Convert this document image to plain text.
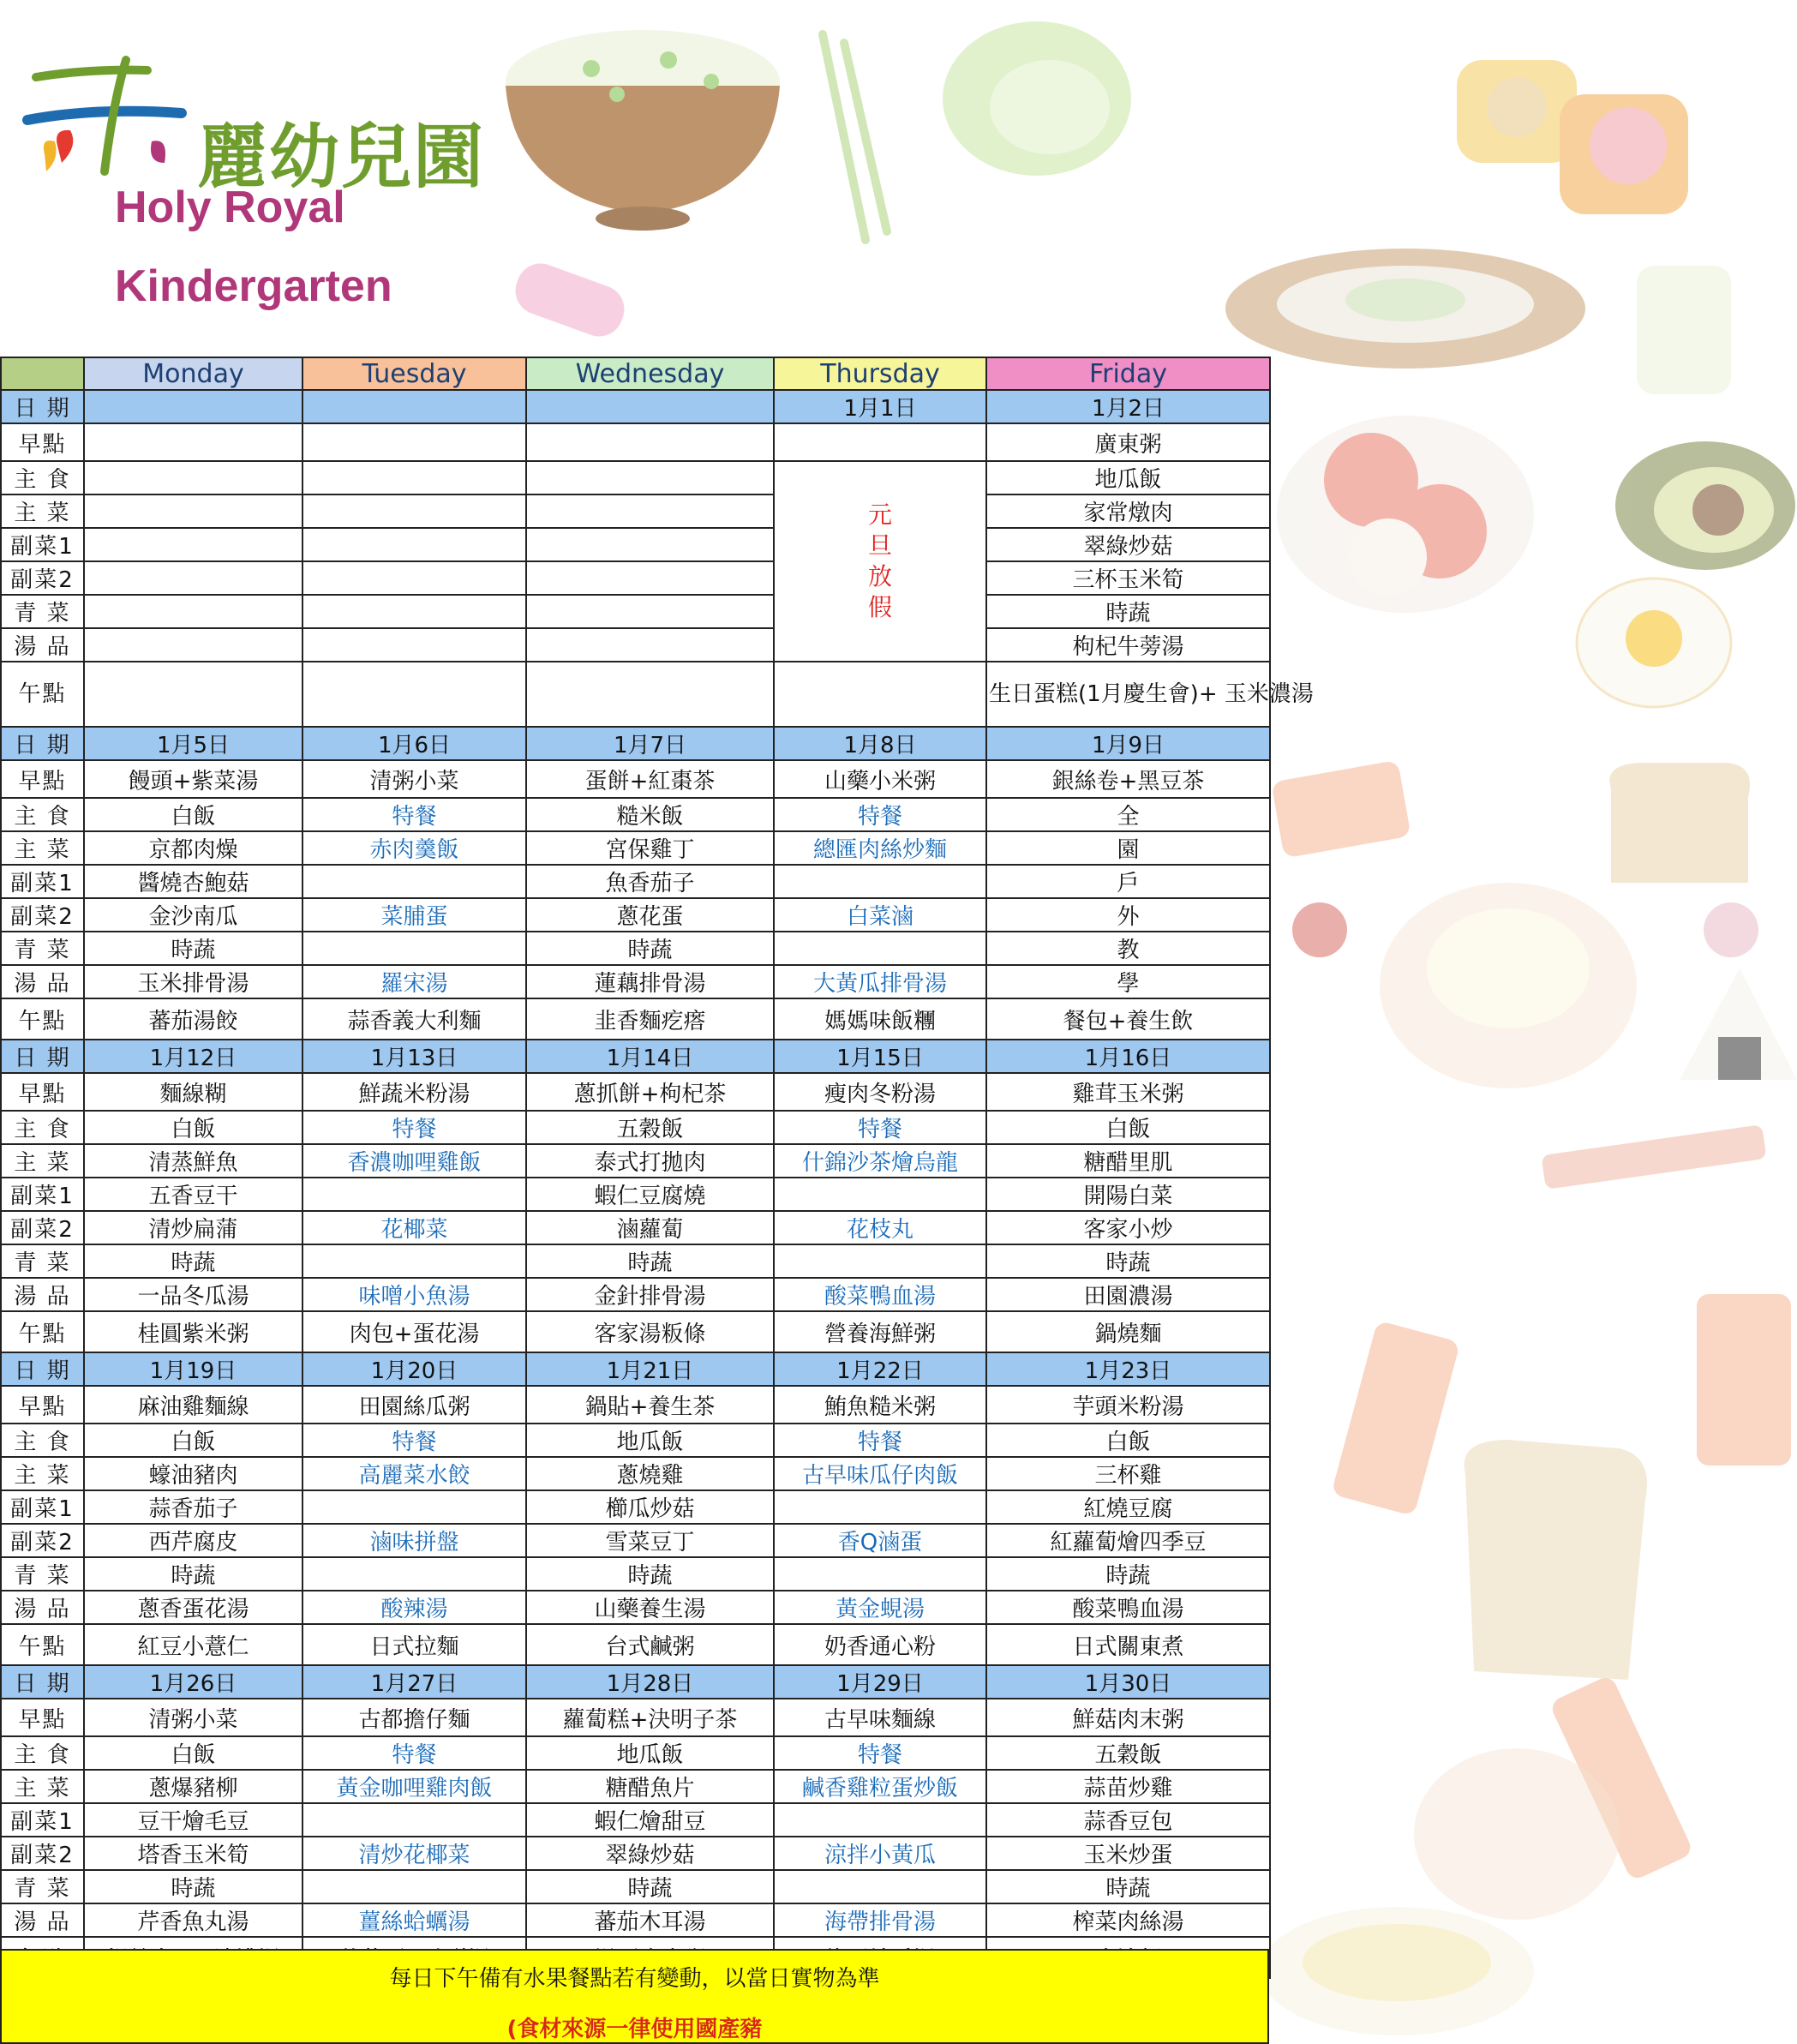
麗幼兒園
Holy Royal
Kindergarten
	Monday	Tuesday	Wednesday	Thursday	Friday
日 期				1月1日	1月2日
早點					廣東粥
主 食				元旦放假	地瓜飯
主 菜					家常燉肉
副菜1					翠綠炒菇
副菜2					三杯玉米筍
青 菜					時蔬
湯 品					枸杞牛蒡湯
午點					生日蛋糕(1月慶生會)+ 玉米濃湯
日 期	1月5日	1月6日	1月7日	1月8日	1月9日
早點	饅頭+紫菜湯	清粥小菜	蛋餅+紅棗茶	山藥小米粥	銀絲卷+黑豆茶
主 食	白飯	特餐	糙米飯	特餐	全
主 菜	京都肉燥	赤肉羹飯	宮保雞丁	總匯肉絲炒麵	園
副菜1	醬燒杏鮑菇		魚香茄子		戶
副菜2	金沙南瓜	菜脯蛋	蔥花蛋	白菜滷	外
青 菜	時蔬		時蔬		教
湯 品	玉米排骨湯	羅宋湯	蓮藕排骨湯	大黃瓜排骨湯	學
午點	蕃茄湯餃	蒜香義大利麵	韭香麵疙瘩	媽媽味飯糰	餐包+養生飲
日 期	1月12日	1月13日	1月14日	1月15日	1月16日
早點	麵線糊	鮮蔬米粉湯	蔥抓餅+枸杞茶	瘦肉冬粉湯	雞茸玉米粥
主 食	白飯	特餐	五穀飯	特餐	白飯
主 菜	清蒸鮮魚	香濃咖哩雞飯	泰式打拋肉	什錦沙茶燴烏龍	糖醋里肌
副菜1	五香豆干		蝦仁豆腐燒		開陽白菜
副菜2	清炒扁蒲	花椰菜	滷蘿蔔	花枝丸	客家小炒
青 菜	時蔬		時蔬		時蔬
湯 品	一品冬瓜湯	味噌小魚湯	金針排骨湯	酸菜鴨血湯	田園濃湯
午點	桂圓紫米粥	肉包+蛋花湯	客家湯粄條	營養海鮮粥	鍋燒麵
日 期	1月19日	1月20日	1月21日	1月22日	1月23日
早點	麻油雞麵線	田園絲瓜粥	鍋貼+養生茶	鮪魚糙米粥	芋頭米粉湯
主 食	白飯	特餐	地瓜飯	特餐	白飯
主 菜	蠔油豬肉	高麗菜水餃	蔥燒雞	古早味瓜仔肉飯	三杯雞
副菜1	蒜香茄子		櫛瓜炒菇		紅燒豆腐
副菜2	西芹腐皮	滷味拼盤	雪菜豆丁	香Q滷蛋	紅蘿蔔燴四季豆
青 菜	時蔬		時蔬		時蔬
湯 品	蔥香蛋花湯	酸辣湯	山藥養生湯	黃金蜆湯	酸菜鴨血湯
午點	紅豆小薏仁	日式拉麵	台式鹹粥	奶香通心粉	日式關東煮
日 期	1月26日	1月27日	1月28日	1月29日	1月30日
早點	清粥小菜	古都擔仔麵	蘿蔔糕+決明子茶	古早味麵線	鮮菇肉末粥
主 食	白飯	特餐	地瓜飯	特餐	五穀飯
主 菜	蔥爆豬柳	黃金咖哩雞肉飯	糖醋魚片	鹹香雞粒蛋炒飯	蒜苗炒雞
副菜1	豆干燴毛豆		蝦仁燴甜豆		蒜香豆包
副菜2	塔香玉米筍	清炒花椰菜	翠綠炒菇	涼拌小黃瓜	玉米炒蛋
青 菜	時蔬		時蔬		時蔬
湯 品	芹香魚丸湯	薑絲蛤蠣湯	蕃茄木耳湯	海帶排骨湯	榨菜肉絲湯

每日下午備有水果餐點若有變動，以當日實物為準
(食材來源一律使用國產豬
